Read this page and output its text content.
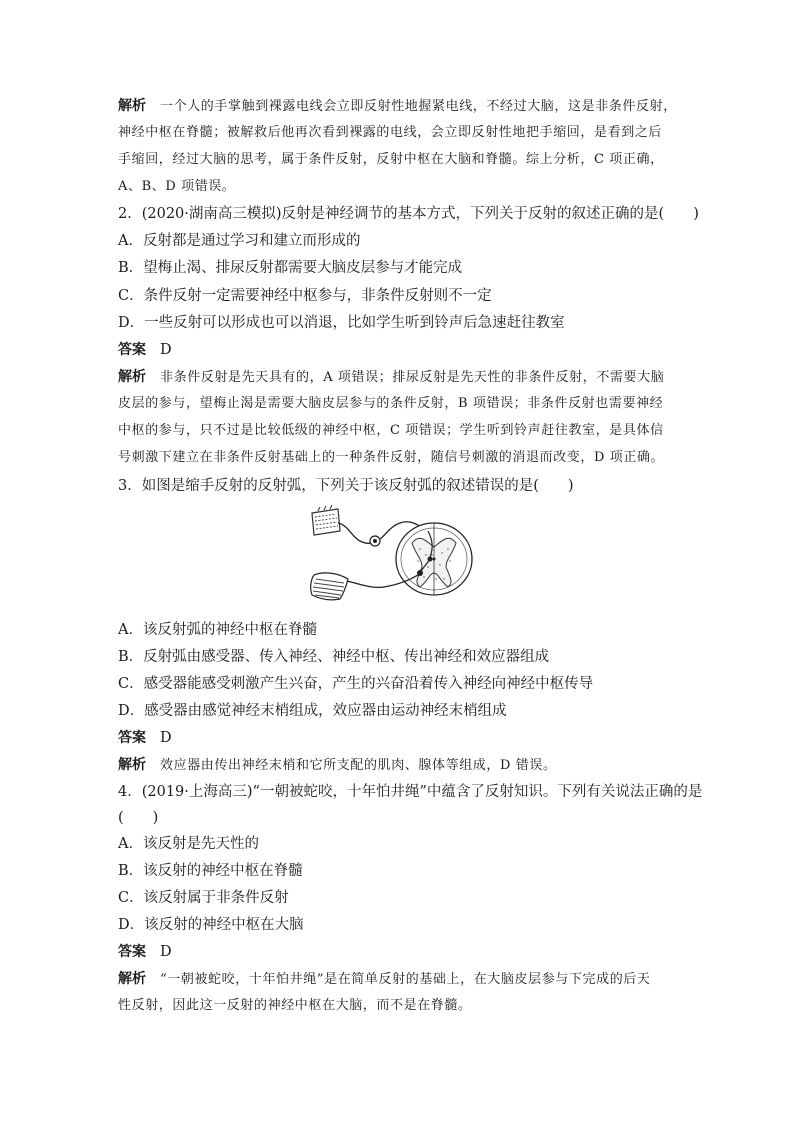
解析 一个人的手掌触到裸露电线会立即反射性地握紧电线，不经过大脑，这是非条件反射，
神经中枢在脊髓；被解救后他再次看到裸露的电线，会立即反射性地把手缩回，是看到之后
手缩回，经过大脑的思考，属于条件反射，反射中枢在大脑和脊髓。综上分析，C 项正确，
A、B、D 项错误。
2．(2020·湖南高三模拟)反射是神经调节的基本方式，下列关于反射的叙述正确的是(　　)
A．反射都是通过学习和建立而形成的
B．望梅止渴、排尿反射都需要大脑皮层参与才能完成
C．条件反射一定需要神经中枢参与，非条件反射则不一定
D．一些反射可以形成也可以消退，比如学生听到铃声后急速赶往教室
答案 D
解析 非条件反射是先天具有的，A 项错误；排尿反射是先天性的非条件反射，不需要大脑
皮层的参与，望梅止渴是需要大脑皮层参与的条件反射，B 项错误；非条件反射也需要神经
中枢的参与，只不过是比较低级的神经中枢，C 项错误；学生听到铃声赶往教室，是具体信
号刺激下建立在非条件反射基础上的一种条件反射，随信号刺激的消退而改变，D 项正确。
3．如图是缩手反射的反射弧，下列关于该反射弧的叙述错误的是(　　)
A．该反射弧的神经中枢在脊髓
B．反射弧由感受器、传入神经、神经中枢、传出神经和效应器组成
C．感受器能感受刺激产生兴奋，产生的兴奋沿着传入神经向神经中枢传导
D．感受器由感觉神经末梢组成，效应器由运动神经末梢组成
答案 D
解析 效应器由传出神经末梢和它所支配的肌肉、腺体等组成，D 错误。
4．(2019·上海高三)“一朝被蛇咬，十年怕井绳”中蕴含了反射知识。下列有关说法正确的是
(　　)
A．该反射是先天性的
B．该反射的神经中枢在脊髓
C．该反射属于非条件反射
D．该反射的神经中枢在大脑
答案 D
解析 “一朝被蛇咬，十年怕井绳”是在简单反射的基础上，在大脑皮层参与下完成的后天
性反射，因此这一反射的神经中枢在大脑，而不是在脊髓。
